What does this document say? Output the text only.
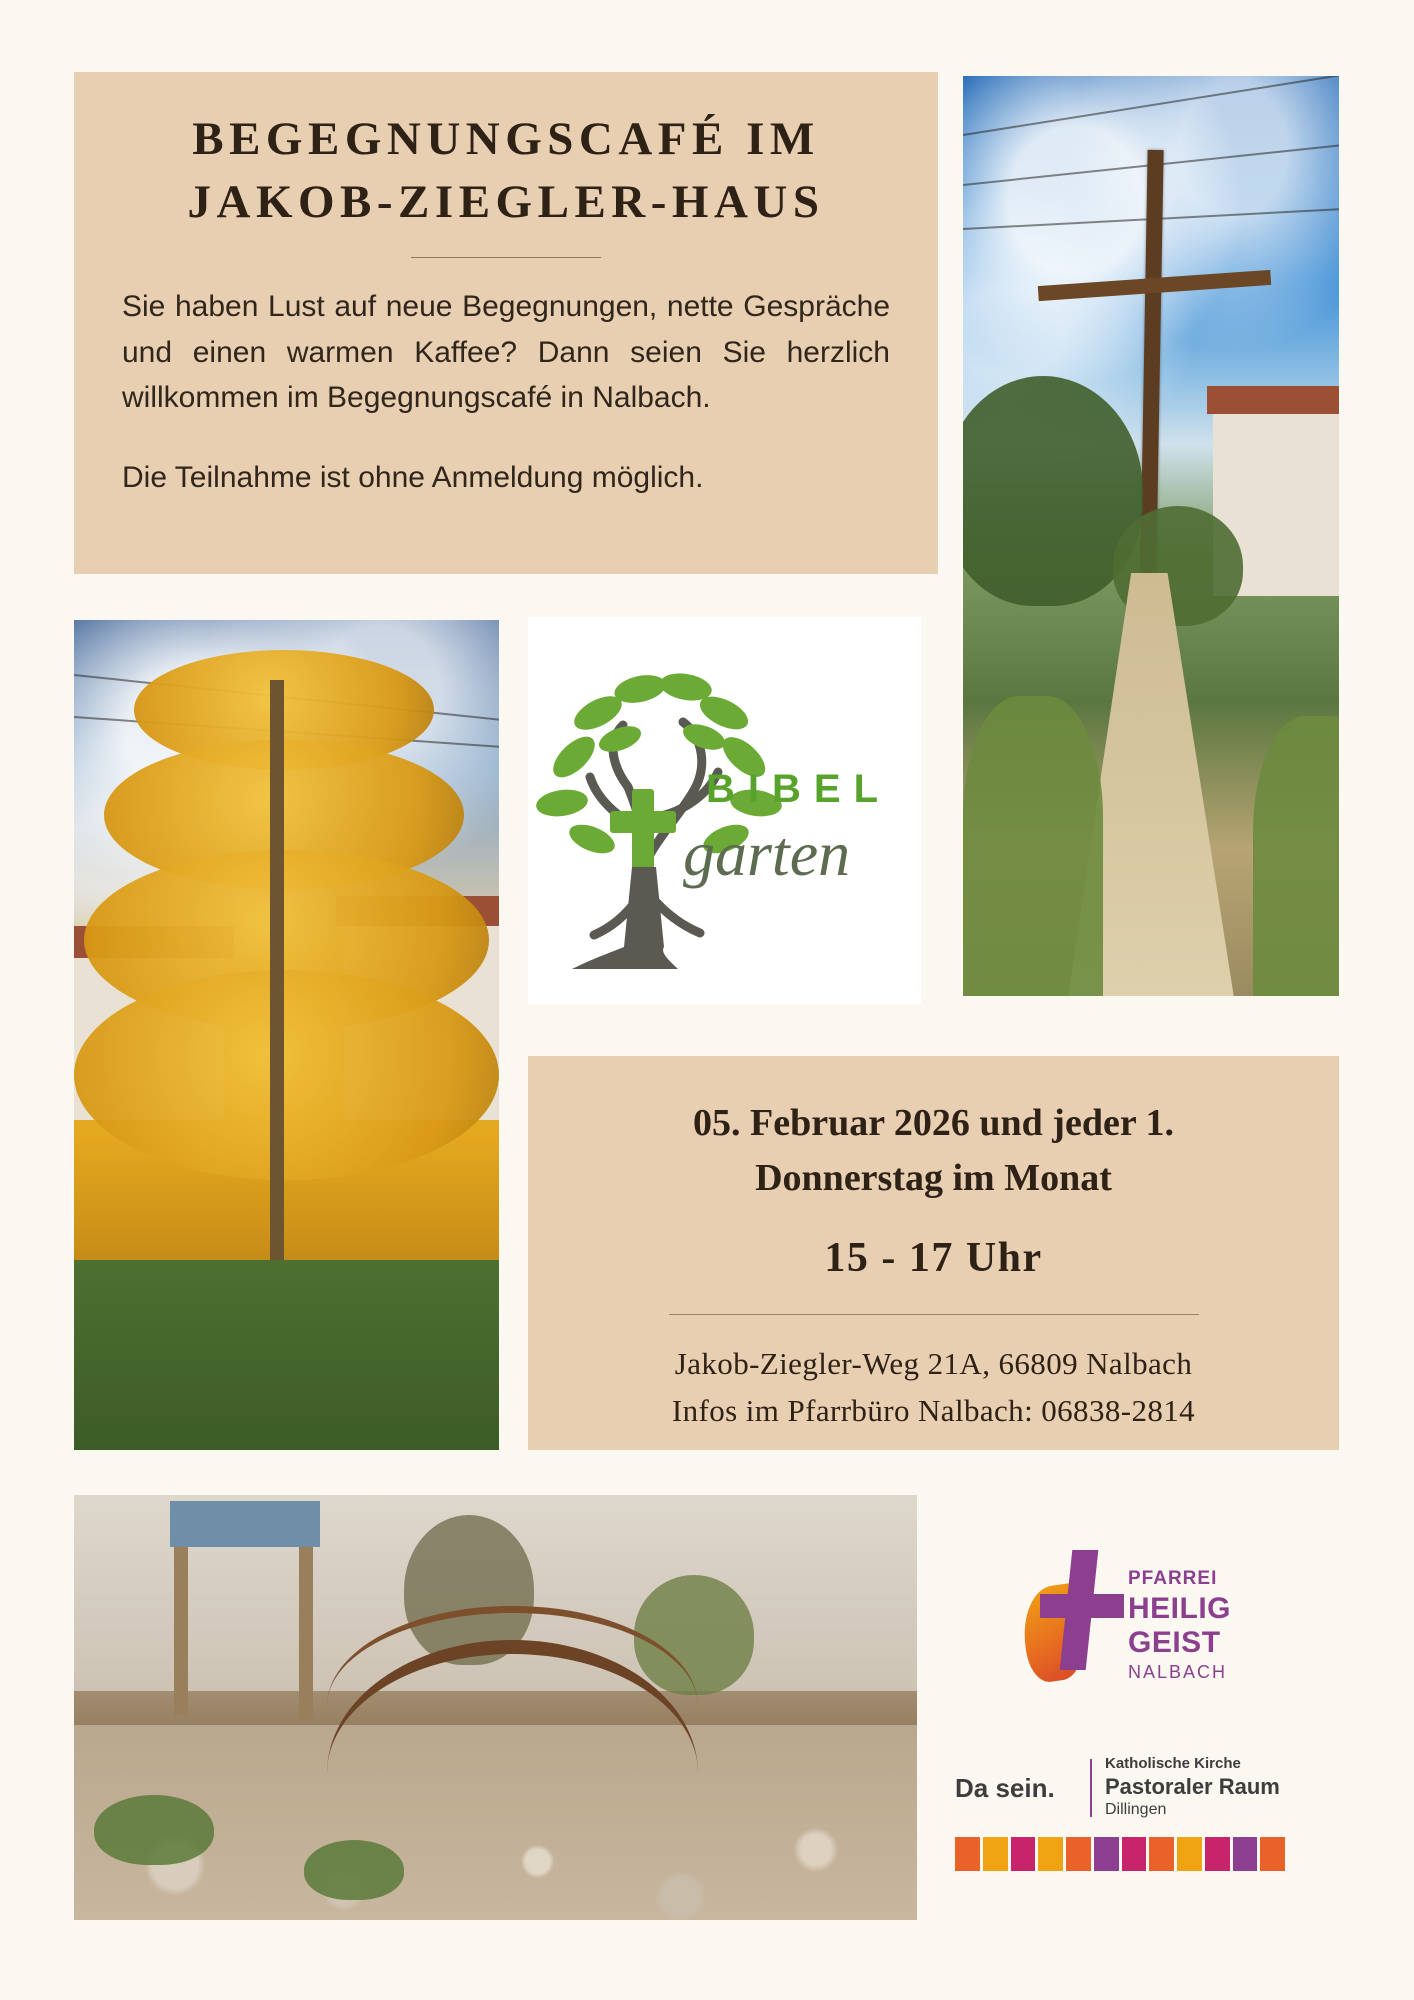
BEGEGNUNGSCAFÉ IM
JAKOB-ZIEGLER-HAUS

Sie haben Lust auf neue Begegnungen, nette Gespräche und einen warmen Kaffee? Dann seien Sie herzlich willkommen im Begegnungscafé in Nalbach.

Die Teilnahme ist ohne Anmeldung möglich.

BIBEL
garten

05. Februar 2026 und jeder 1.
Donnerstag im Monat

15 - 17 Uhr

Jakob-Ziegler-Weg 21A, 66809 Nalbach

Infos im Pfarrbüro Nalbach: 06838-2814

PFARREI
HEILIG GEIST
NALBACH
Da sein.
Katholische Kirche
Pastoraler Raum
Dillingen
